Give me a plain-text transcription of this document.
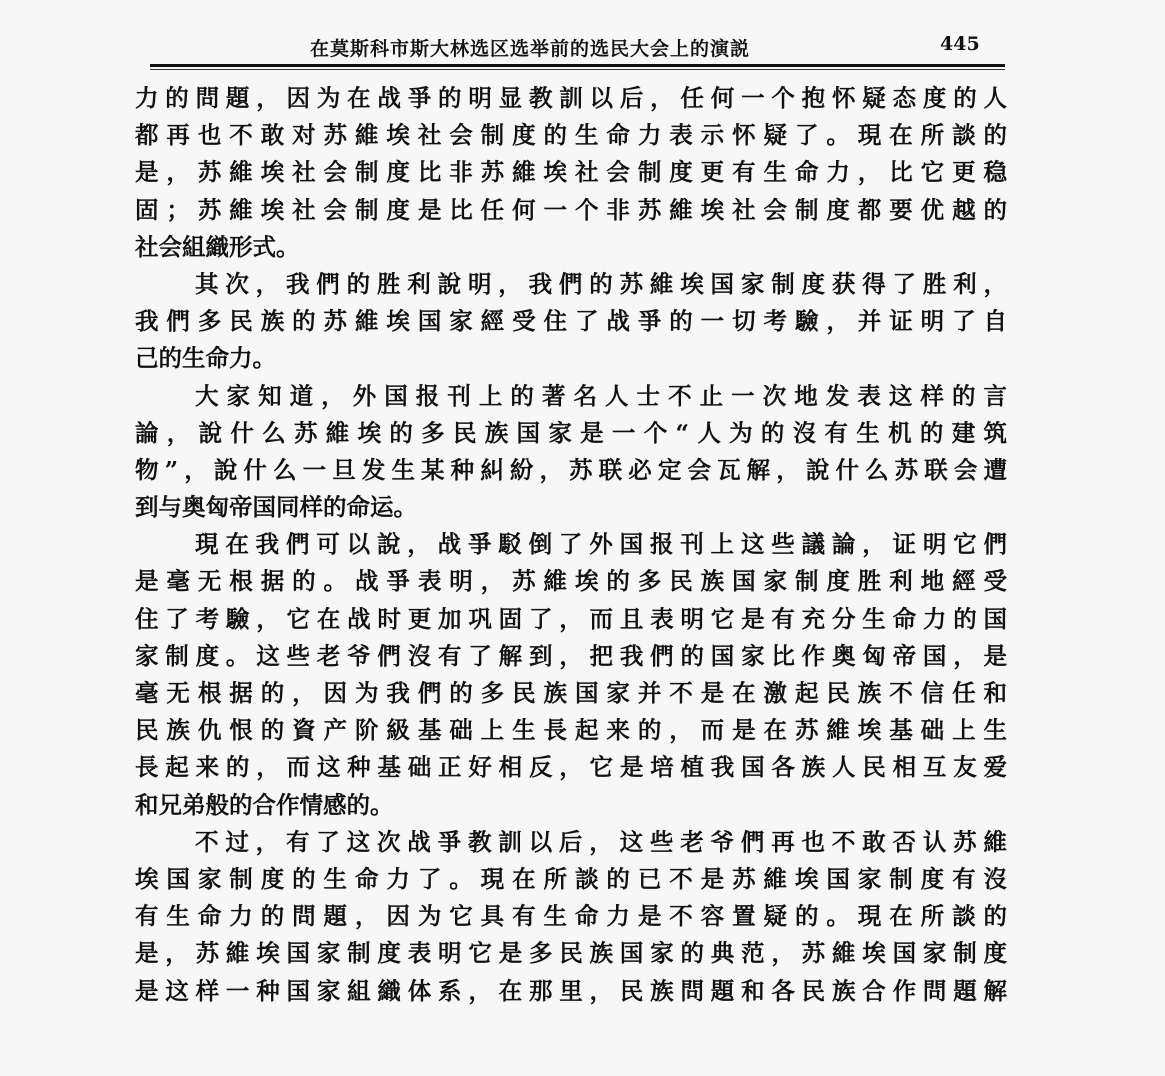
在莫斯科市斯大林选区选举前的选民大会上的演説	445
力的問題，因为在战爭的明显教訓以后，任何一个抱怀疑态度的人
都再也不敢对苏維埃社会制度的生命力表示怀疑了。現在所談的
是，苏維埃社会制度比非苏維埃社会制度更有生命力，比它更稳
固；苏維埃社会制度是比任何一个非苏維埃社会制度都要优越的
社会組織形式。
其次，我們的胜利說明，我們的苏維埃国家制度获得了胜利，
我們多民族的苏維埃国家經受住了战爭的一切考驗，并证明了自
己的生命力。
大家知道，外国报刊上的著名人士不止一次地发表这样的言
論，說什么苏維埃的多民族国家是一个“人为的沒有生机的建筑
物”，說什么一旦发生某种糾紛，苏联必定会瓦解，說什么苏联会遭
到与奥匈帝国同样的命运。
現在我們可以說，战爭駁倒了外国报刊上这些議論，证明它們
是毫无根据的。战爭表明，苏維埃的多民族国家制度胜利地經受
住了考驗，它在战时更加巩固了，而且表明它是有充分生命力的国
家制度。这些老爷們沒有了解到，把我們的国家比作奥匈帝国，是
毫无根据的，因为我們的多民族国家并不是在激起民族不信任和
民族仇恨的資产阶級基础上生長起来的，而是在苏維埃基础上生
長起来的，而这种基础正好相反，它是培植我国各族人民相互友爱
和兄弟般的合作情感的。
不过，有了这次战爭教訓以后，这些老爷們再也不敢否认苏維
埃国家制度的生命力了。現在所談的已不是苏維埃国家制度有沒
有生命力的問題，因为它具有生命力是不容置疑的。現在所談的
是，苏維埃国家制度表明它是多民族国家的典范，苏維埃国家制度
是这样一种国家組織体系，在那里，民族問題和各民族合作問題解
